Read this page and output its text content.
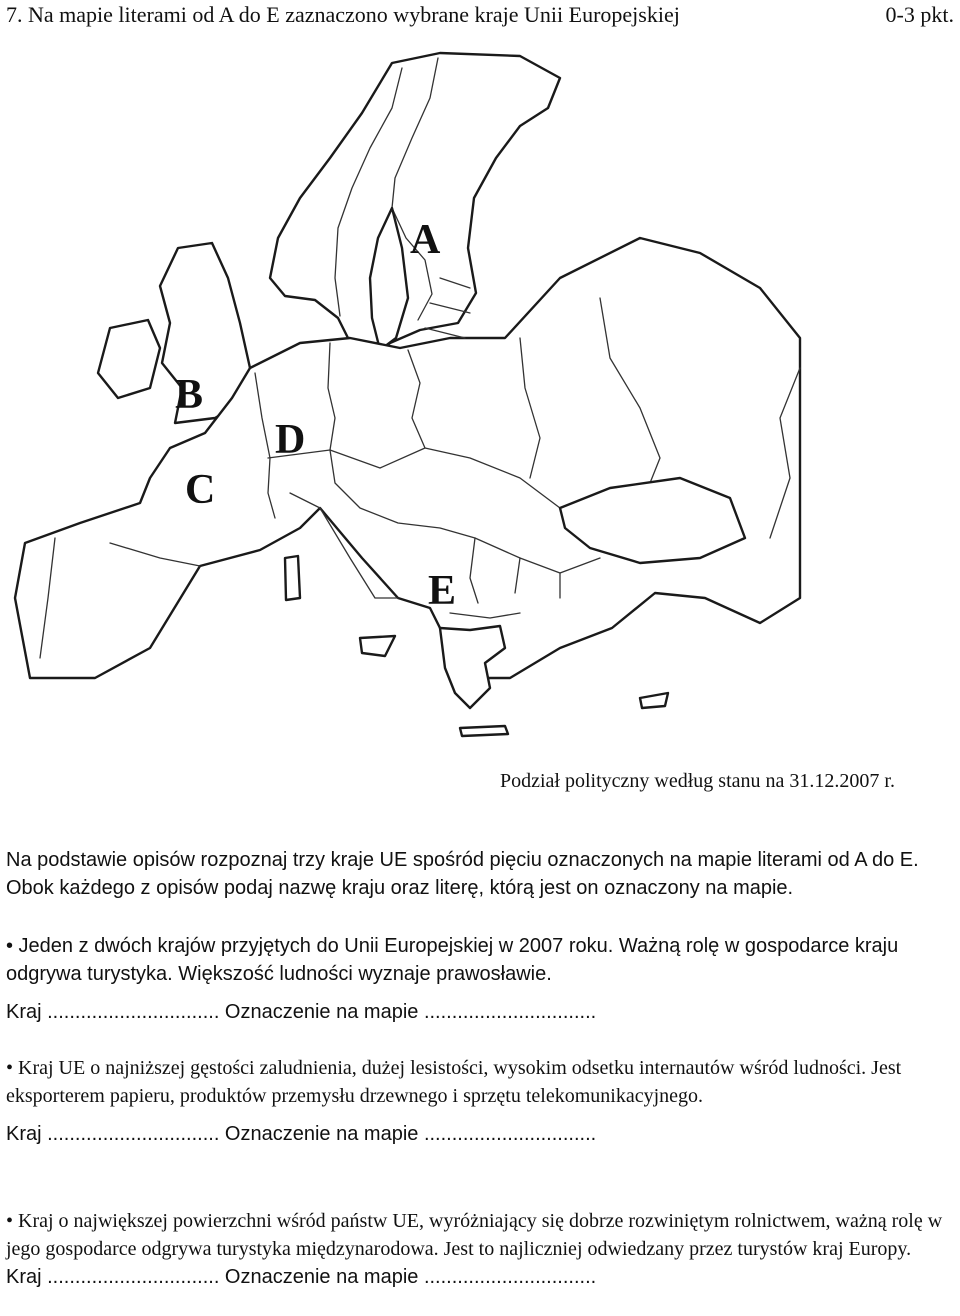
7. Na mapie literami od A do E zaznaczono wybrane kraje Unii Europejskiej	0-3 pkt.
A
B
C
D
E
Podział polityczny według stanu na 31.12.2007 r.
Na podstawie opisów rozpoznaj trzy kraje UE spośród pięciu oznaczonych na mapie literami od A do E. Obok każdego z opisów podaj nazwę kraju oraz literę, którą jest on oznaczony na mapie.
• Jeden z dwóch krajów przyjętych do Unii Europejskiej w 2007 roku. Ważną rolę w gospodarce kraju odgrywa turystyka. Większość ludności wyznaje prawosławie.
Kraj ............................... Oznaczenie na mapie ...............................
• Kraj UE o najniższej gęstości zaludnienia, dużej lesistości, wysokim odsetku internautów wśród ludności. Jest eksporterem papieru, produktów przemysłu drzewnego i sprzętu telekomunikacyjnego.
Kraj ............................... Oznaczenie na mapie ...............................
• Kraj o największej powierzchni wśród państw UE, wyróżniający się dobrze rozwiniętym rolnictwem, ważną rolę w jego gospodarce odgrywa turystyka międzynarodowa. Jest to najliczniej odwiedzany przez turystów kraj Europy.
Kraj ............................... Oznaczenie na mapie ...............................
